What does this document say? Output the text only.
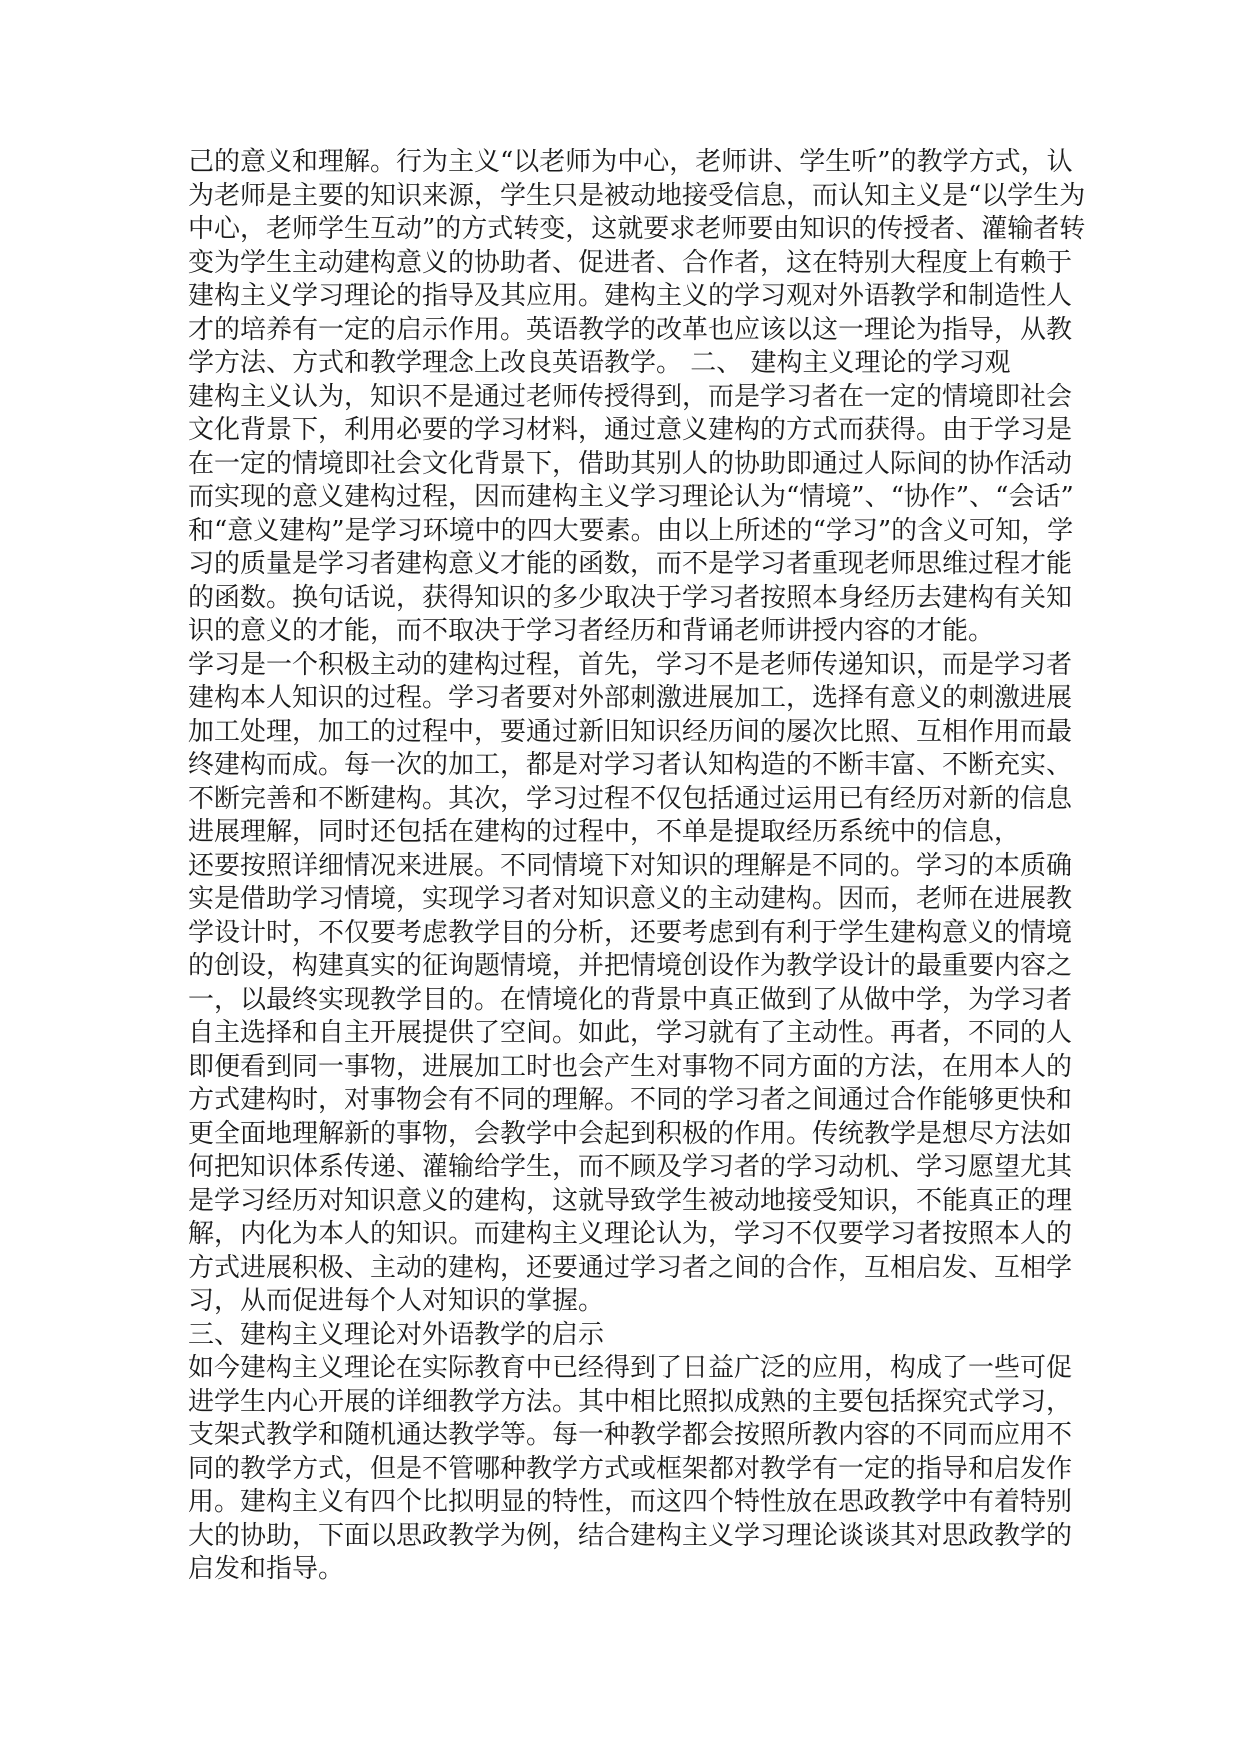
己的意义和理解。行为主义“以老师为中心，老师讲、学生听”的教学方式，认
为老师是主要的知识来源，学生只是被动地接受信息，而认知主义是“以学生为
中心，老师学生互动”的方式转变，这就要求老师要由知识的传授者、灌输者转
变为学生主动建构意义的协助者、促进者、合作者，这在特别大程度上有赖于
建构主义学习理论的指导及其应用。建构主义的学习观对外语教学和制造性人
才的培养有一定的启示作用。英语教学的改革也应该以这一理论为指导，从教
学方法、方式和教学理念上改良英语教学。 二、 建构主义理论的学习观
建构主义认为，知识不是通过老师传授得到，而是学习者在一定的情境即社会
文化背景下，利用必要的学习材料，通过意义建构的方式而获得。由于学习是
在一定的情境即社会文化背景下，借助其别人的协助即通过人际间的协作活动
而实现的意义建构过程，因而建构主义学习理论认为“情境”、“协作”、“会话”
和“意义建构”是学习环境中的四大要素。由以上所述的“学习”的含义可知，学
习的质量是学习者建构意义才能的函数，而不是学习者重现老师思维过程才能
的函数。换句话说，获得知识的多少取决于学习者按照本身经历去建构有关知
识的意义的才能，而不取决于学习者经历和背诵老师讲授内容的才能。
学习是一个积极主动的建构过程，首先，学习不是老师传递知识，而是学习者
建构本人知识的过程。学习者要对外部刺激进展加工，选择有意义的刺激进展
加工处理，加工的过程中，要通过新旧知识经历间的屡次比照、互相作用而最
终建构而成。每一次的加工，都是对学习者认知构造的不断丰富、不断充实、
不断完善和不断建构。其次，学习过程不仅包括通过运用已有经历对新的信息
进展理解，同时还包括在建构的过程中，不单是提取经历系统中的信息，
还要按照详细情况来进展。不同情境下对知识的理解是不同的。学习的本质确
实是借助学习情境，实现学习者对知识意义的主动建构。因而，老师在进展教
学设计时，不仅要考虑教学目的分析，还要考虑到有利于学生建构意义的情境
的创设，构建真实的征询题情境，并把情境创设作为教学设计的最重要内容之
一，以最终实现教学目的。在情境化的背景中真正做到了从做中学，为学习者
自主选择和自主开展提供了空间。如此，学习就有了主动性。再者，不同的人
即便看到同一事物，进展加工时也会产生对事物不同方面的方法，在用本人的
方式建构时，对事物会有不同的理解。不同的学习者之间通过合作能够更快和
更全面地理解新的事物，会教学中会起到积极的作用。传统教学是想尽方法如
何把知识体系传递、灌输给学生，而不顾及学习者的学习动机、学习愿望尤其
是学习经历对知识意义的建构，这就导致学生被动地接受知识，不能真正的理
解，内化为本人的知识。而建构主义理论认为，学习不仅要学习者按照本人的
方式进展积极、主动的建构，还要通过学习者之间的合作，互相启发、互相学
习，从而促进每个人对知识的掌握。
三、建构主义理论对外语教学的启示
如今建构主义理论在实际教育中已经得到了日益广泛的应用，构成了一些可促
进学生内心开展的详细教学方法。其中相比照拟成熟的主要包括探究式学习，
支架式教学和随机通达教学等。每一种教学都会按照所教内容的不同而应用不
同的教学方式，但是不管哪种教学方式或框架都对教学有一定的指导和启发作
用。建构主义有四个比拟明显的特性，而这四个特性放在思政教学中有着特别
大的协助，下面以思政教学为例，结合建构主义学习理论谈谈其对思政教学的
启发和指导。
